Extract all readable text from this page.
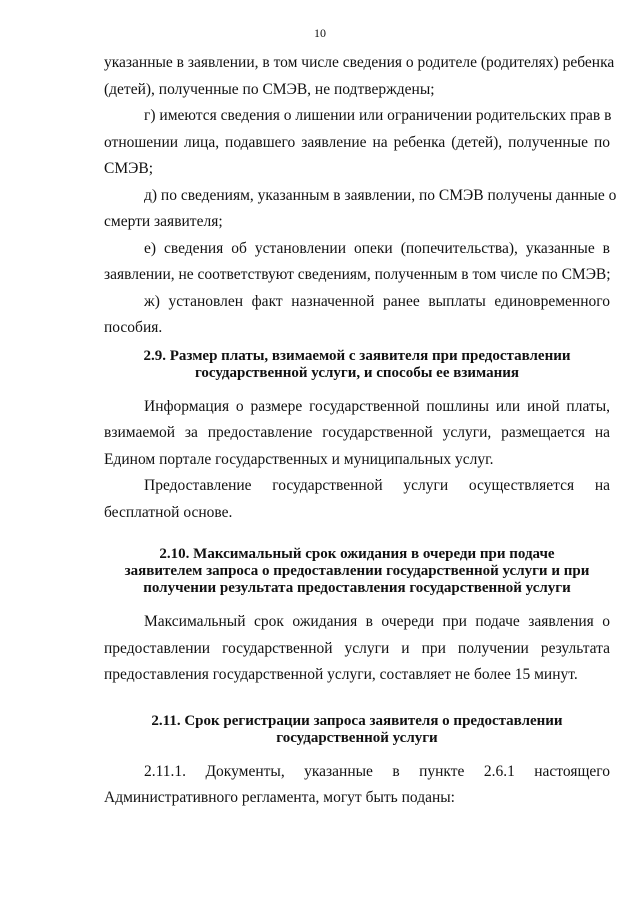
10
указанные в заявлении, в том числе сведения о родителе (родителях) ребенка
(детей), полученные по СМЭВ, не подтверждены;
г) имеются сведения о лишении или ограничении родительских прав в
отношении лица, подавшего заявление на ребенка (детей), полученные по
СМЭВ;
д) по сведениям, указанным в заявлении, по СМЭВ получены данные о
смерти заявителя;
е) сведения об установлении опеки (попечительства), указанные в
заявлении, не соответствуют сведениям, полученным в том числе по СМЭВ;
ж) установлен факт назначенной ранее выплаты единовременного
пособия.
2.9. Размер платы, взимаемой с заявителя при предоставлении
государственной услуги, и способы ее взимания
Информация о размере государственной пошлины или иной платы,
взимаемой за предоставление государственной услуги, размещается на
Едином портале государственных и муниципальных услуг.
Предоставление государственной услуги осуществляется на
бесплатной основе.
2.10. Максимальный срок ожидания в очереди при подаче
заявителем запроса о предоставлении государственной услуги и при
получении результата предоставления государственной услуги
Максимальный срок ожидания в очереди при подаче заявления о
предоставлении государственной услуги и при получении результата
предоставления государственной услуги, составляет не более 15 минут.
2.11. Срок регистрации запроса заявителя о предоставлении
государственной услуги
2.11.1. Документы, указанные в пункте 2.6.1 настоящего
Административного регламента, могут быть поданы:
